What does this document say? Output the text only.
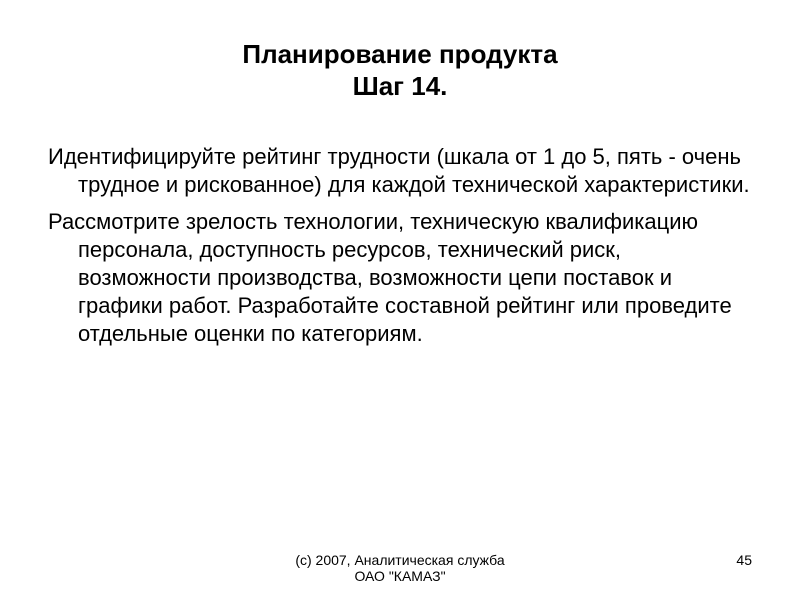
Планирование продукта
Шаг 14.

Идентифицируйте рейтинг трудности (шкала от 1 до 5, пять - очень трудное и рискованное) для каждой технической характеристики.

Рассмотрите зрелость технологии, техническую квалификацию персонала, доступность ресурсов, технический риск, возможности производства, возможности цепи поставок и графики работ. Разработайте составной рейтинг или проведите отдельные оценки по категориям.

(c) 2007, Аналитическая служба
ОАО "КАМАЗ"
45
